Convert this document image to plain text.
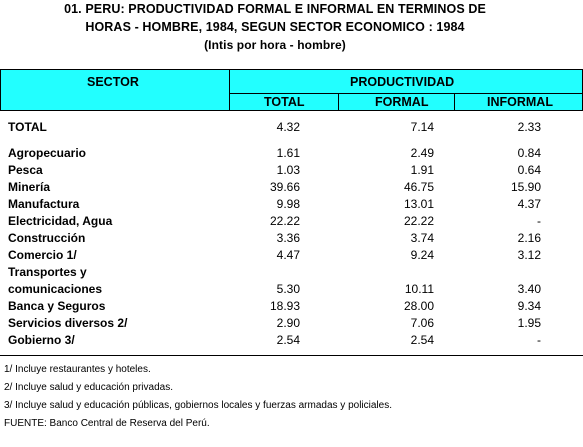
01. PERU: PRODUCTIVIDAD FORMAL E INFORMAL EN TERMINOS DE
HORAS - HOMBRE, 1984, SEGUN SECTOR ECONOMICO : 1984
(Intis por hora - hombre)
SECTOR	PRODUCTIVIDAD
TOTAL	FORMAL	INFORMAL
TOTAL	4.32	7.14	2.33
Agropecuario	1.61	2.49	0.84
Pesca	1.03	1.91	0.64
Minería	39.66	46.75	15.90
Manufactura	9.98	13.01	4.37
Electricidad, Agua	22.22	22.22	-
Construcción	3.36	3.74	2.16
Comercio 1/	4.47	9.24	3.12
Transportes y
comunicaciones	5.30	10.11	3.40
Banca y Seguros	18.93	28.00	9.34
Servicios diversos 2/	2.90	7.06	1.95
Gobierno 3/	2.54	2.54	-
1/ Incluye restaurantes y hoteles.
2/ Incluye salud y educación privadas.
3/ Incluye salud y educación públicas, gobiernos locales y fuerzas armadas y policiales.
FUENTE: Banco Central de Reserva del Perú.
